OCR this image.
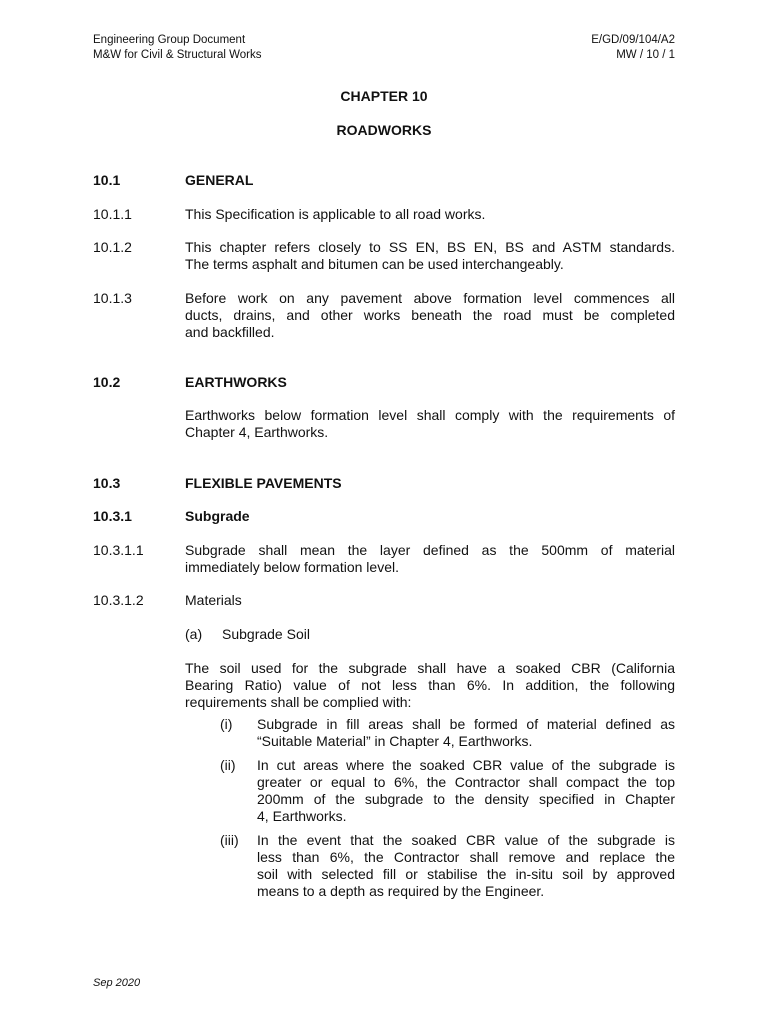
Engineering Group Document
M&W for Civil & Structural Works
E/GD/09/104/A2
MW / 10 / 1
CHAPTER 10
ROADWORKS
10.1	GENERAL
10.1.1	This Specification is applicable to all road works.
10.1.2	This chapter refers closely to SS EN, BS EN, BS and ASTM standards.
The terms asphalt and bitumen can be used interchangeably.
10.1.3	Before work on any pavement above formation level commences all
ducts, drains, and other works beneath the road must be completed
and backfilled.
10.2	EARTHWORKS
Earthworks below formation level shall comply with the requirements of
Chapter 4, Earthworks.
10.3	FLEXIBLE PAVEMENTS
10.3.1	Subgrade
10.3.1.1	Subgrade shall mean the layer defined as the 500mm of material
immediately below formation level.
10.3.1.2	Materials
(a) Subgrade Soil
The soil used for the subgrade shall have a soaked CBR (California
Bearing Ratio) value of not less than 6%. In addition, the following
requirements shall be complied with:
(i) Subgrade in fill areas shall be formed of material defined as
“Suitable Material” in Chapter 4, Earthworks.
(ii) In cut areas where the soaked CBR value of the subgrade is
greater or equal to 6%, the Contractor shall compact the top
200mm of the subgrade to the density specified in Chapter
4, Earthworks.
(iii) In the event that the soaked CBR value of the subgrade is
less than 6%, the Contractor shall remove and replace the
soil with selected fill or stabilise the in-situ soil by approved
means to a depth as required by the Engineer.
Sep 2020
